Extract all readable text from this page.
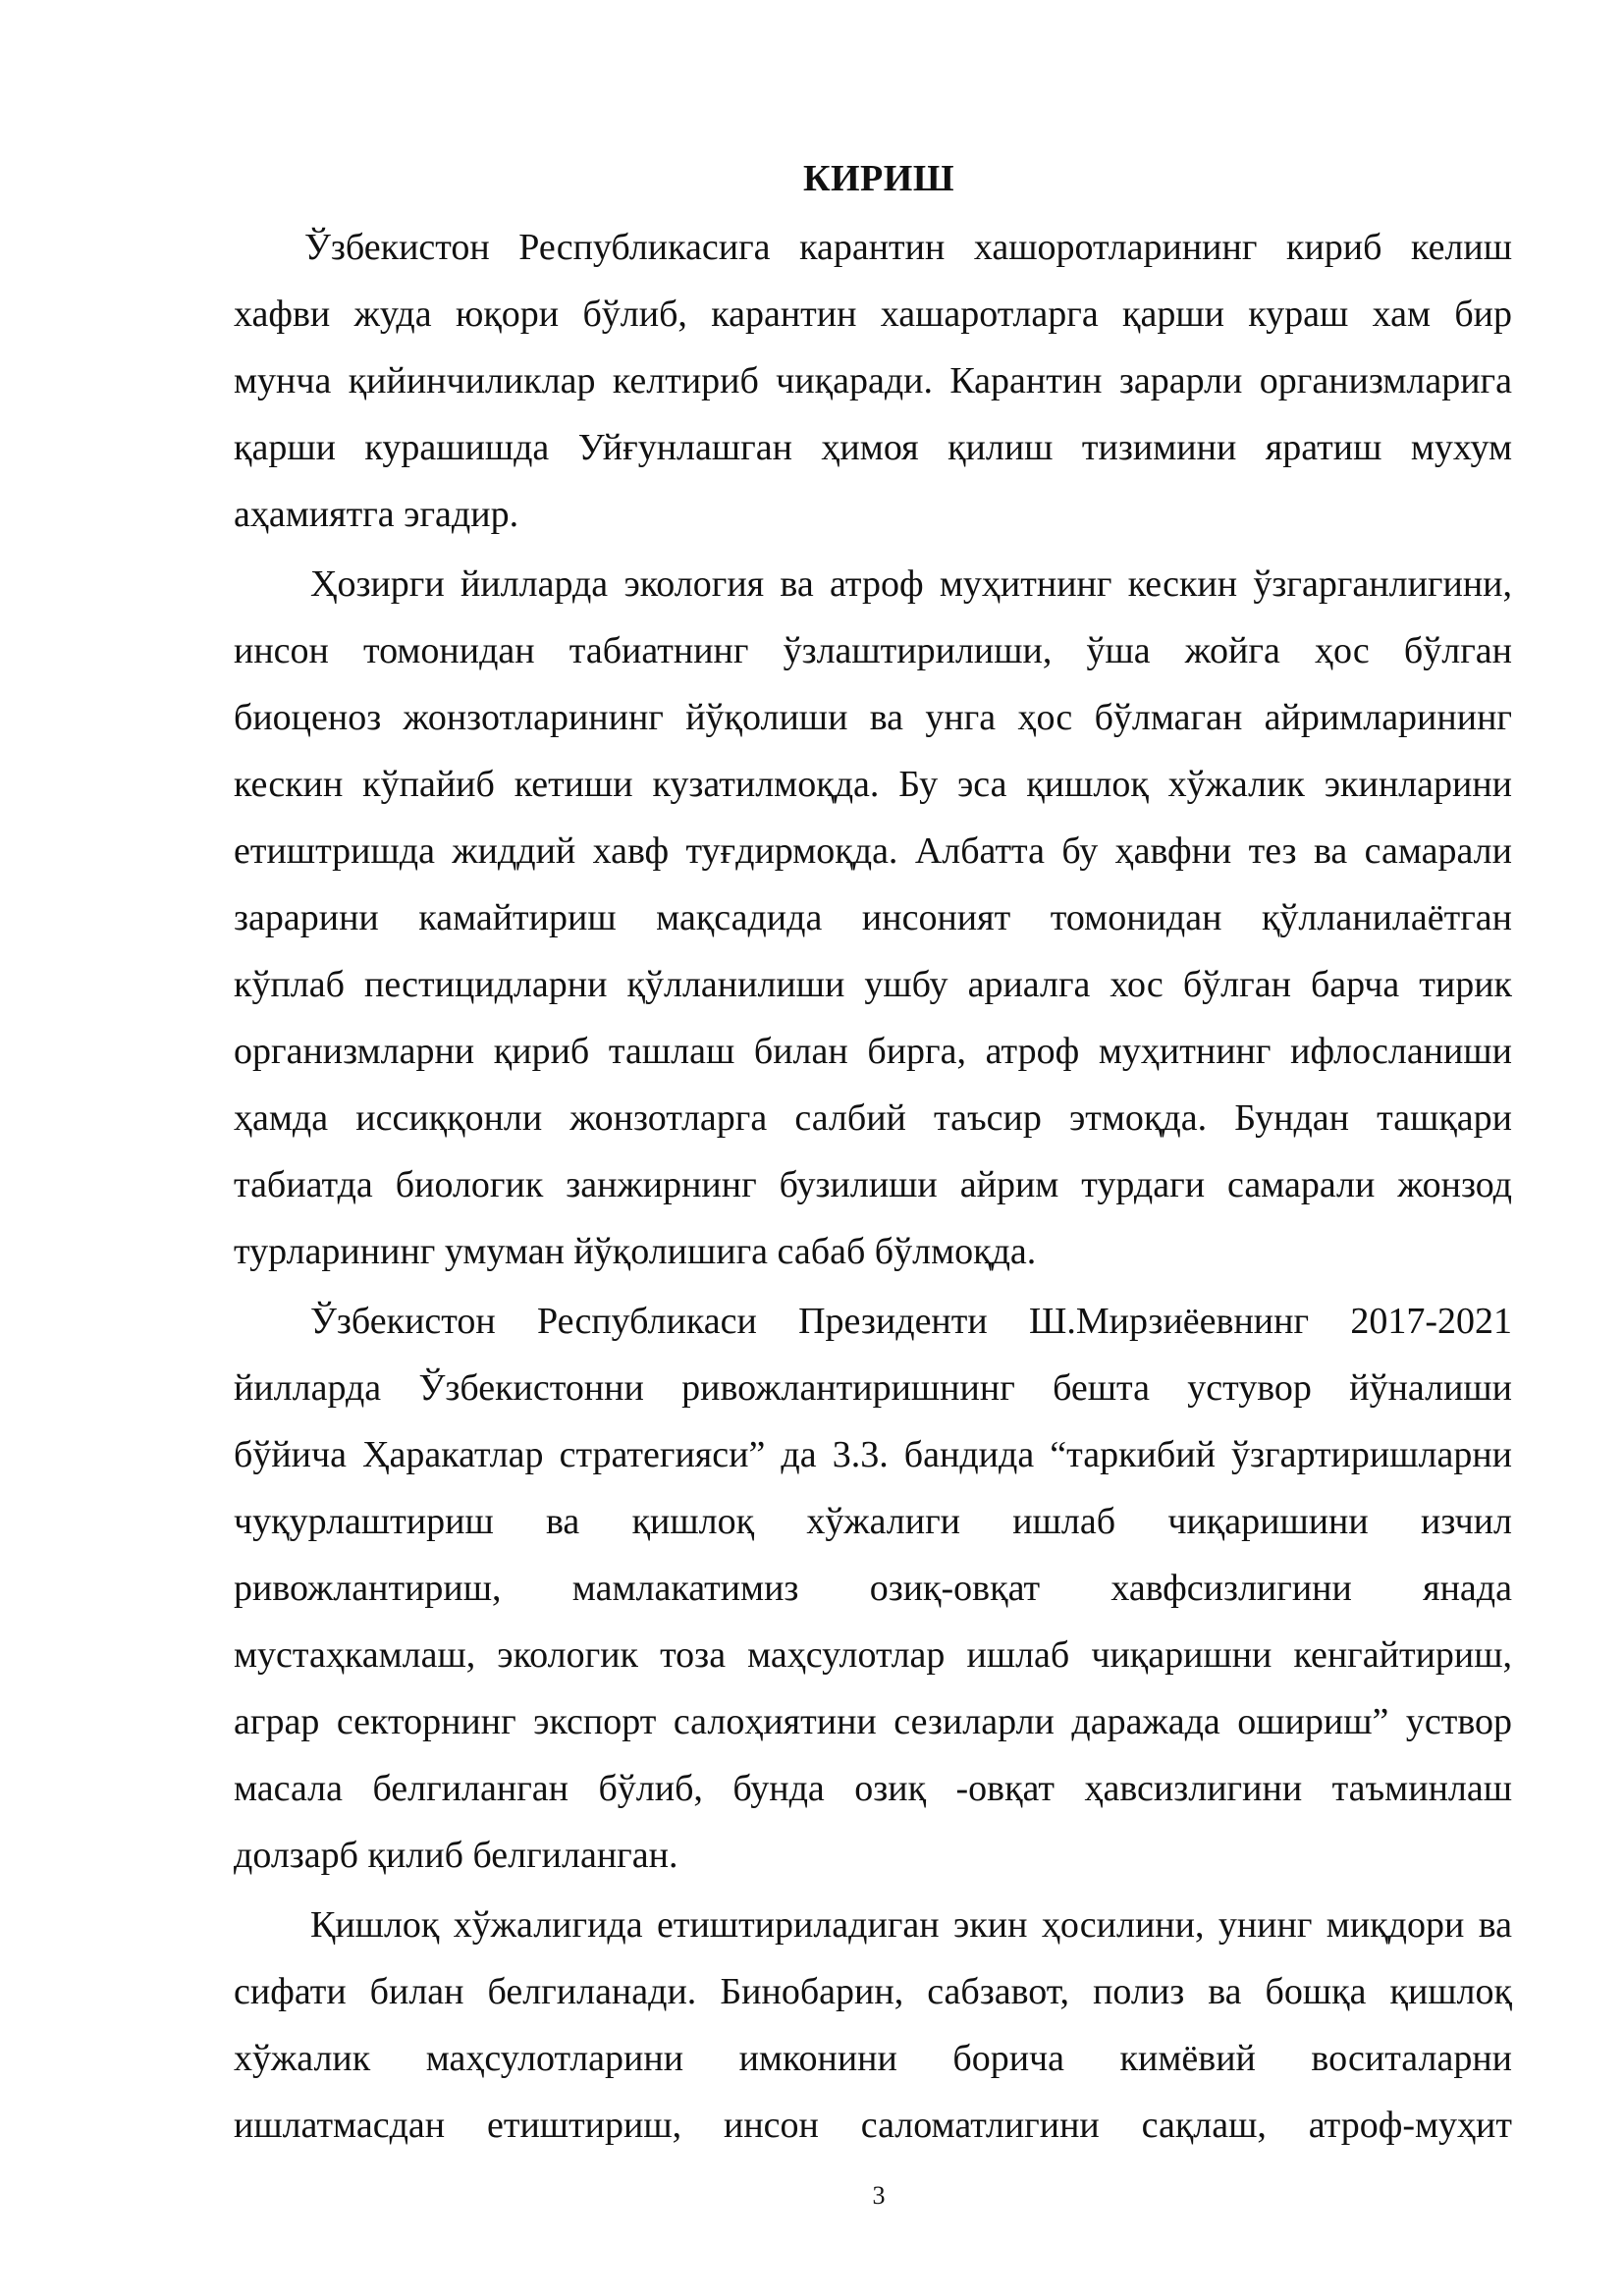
КИРИШ
Ўзбекистон Республикасига карантин хашоротларининг кириб келиш
хафви жуда юқори бўлиб, карантин хашаротларга қарши кураш хам бир
мунча қийинчиликлар келтириб чиқаради. Карантин зарарли организмларига
қарши курашишда Уйғунлашган ҳимоя қилиш тизимини яратиш мухум
аҳамиятга эгадир.
Ҳозирги йилларда экология ва атроф муҳитнинг кескин ўзгарганлигини,
инсон томонидан табиатнинг ўзлаштирилиши, ўша жойга ҳос бўлган
биоценоз жонзотларининг йўқолиши ва унга ҳос бўлмаган айримларининг
кескин кўпайиб кетиши кузатилмоқда. Бу эса қишлоқ хўжалик экинларини
етиштришда жиддий хавф туғдирмоқда. Албатта бу ҳавфни тез ва самарали
зарарини камайтириш мақсадида инсоният томонидан қўлланилаётган
кўплаб пестицидларни қўлланилиши ушбу ариалга хос бўлган барча тирик
организмларни қириб ташлаш билан бирга, атроф муҳитнинг ифлосланиши
ҳамда иссиққонли жонзотларга салбий таъсир этмоқда. Бундан ташқари
табиатда биологик занжирнинг бузилиши айрим турдаги самарали жонзод
турларининг умуман йўқолишига сабаб бўлмоқда.
Ўзбекистон Республикаси Президенти Ш.Мирзиёевнинг 2017-2021
йилларда Ўзбекистонни ривожлантиришнинг бешта устувор йўналиши
бўйича Ҳаракатлар стратегияси” да 3.3. бандида “таркибий ўзгартиришларни
чуқурлаштириш ва қишлоқ хўжалиги ишлаб чиқаришини изчил
ривожлантириш, мамлакатимиз озиқ-овқат хавфсизлигини янада
мустаҳкамлаш, экологик тоза маҳсулотлар ишлаб чиқаришни кенгайтириш,
аграр секторнинг экспорт салоҳиятини сезиларли даражада ошириш” уствор
масала белгиланган бўлиб, бунда озиқ -овқат ҳавсизлигини таъминлаш
долзарб қилиб белгиланган.
Қишлоқ хўжалигида етиштириладиган экин ҳосилини, унинг миқдори ва
сифати билан белгиланади. Бинобарин, сабзавот, полиз ва бошқа қишлоқ
хўжалик маҳсулотларини имконини борича кимёвий воситаларни
ишлатмасдан етиштириш, инсон саломатлигини сақлаш, атроф-муҳит
3
